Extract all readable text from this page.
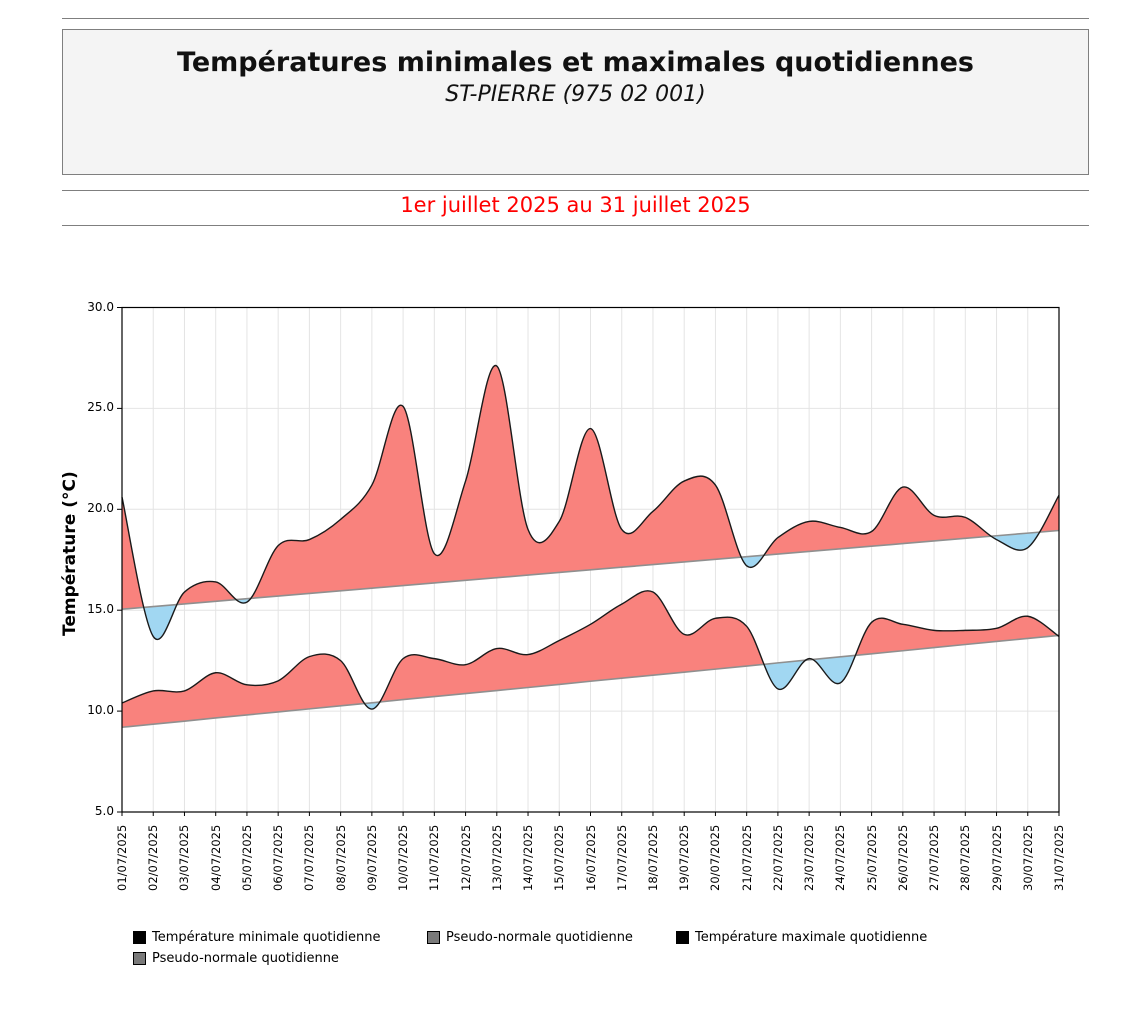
Températures minimales et maximales quotidiennes
ST-PIERRE (975 02 001)
1er juillet 2025 au 31 juillet 2025
Température (°C)
30.0
25.0
20.0
15.0
10.0
5.0
01/07/2025 02/07/2025 03/07/2025 04/07/2025 05/07/2025 06/07/2025 07/07/2025 08/07/2025 09/07/2025 10/07/2025 11/07/2025 12/07/2025 13/07/2025 14/07/2025 15/07/2025 16/07/2025 17/07/2025 18/07/2025 19/07/2025 20/07/2025 21/07/2025 22/07/2025 23/07/2025 24/07/2025 25/07/2025 26/07/2025 27/07/2025 28/07/2025 29/07/2025 30/07/2025 31/07/2025
Température minimale quotidienne	Pseudo-normale quotidienne	Température maximale quotidienne
Pseudo-normale quotidienne
